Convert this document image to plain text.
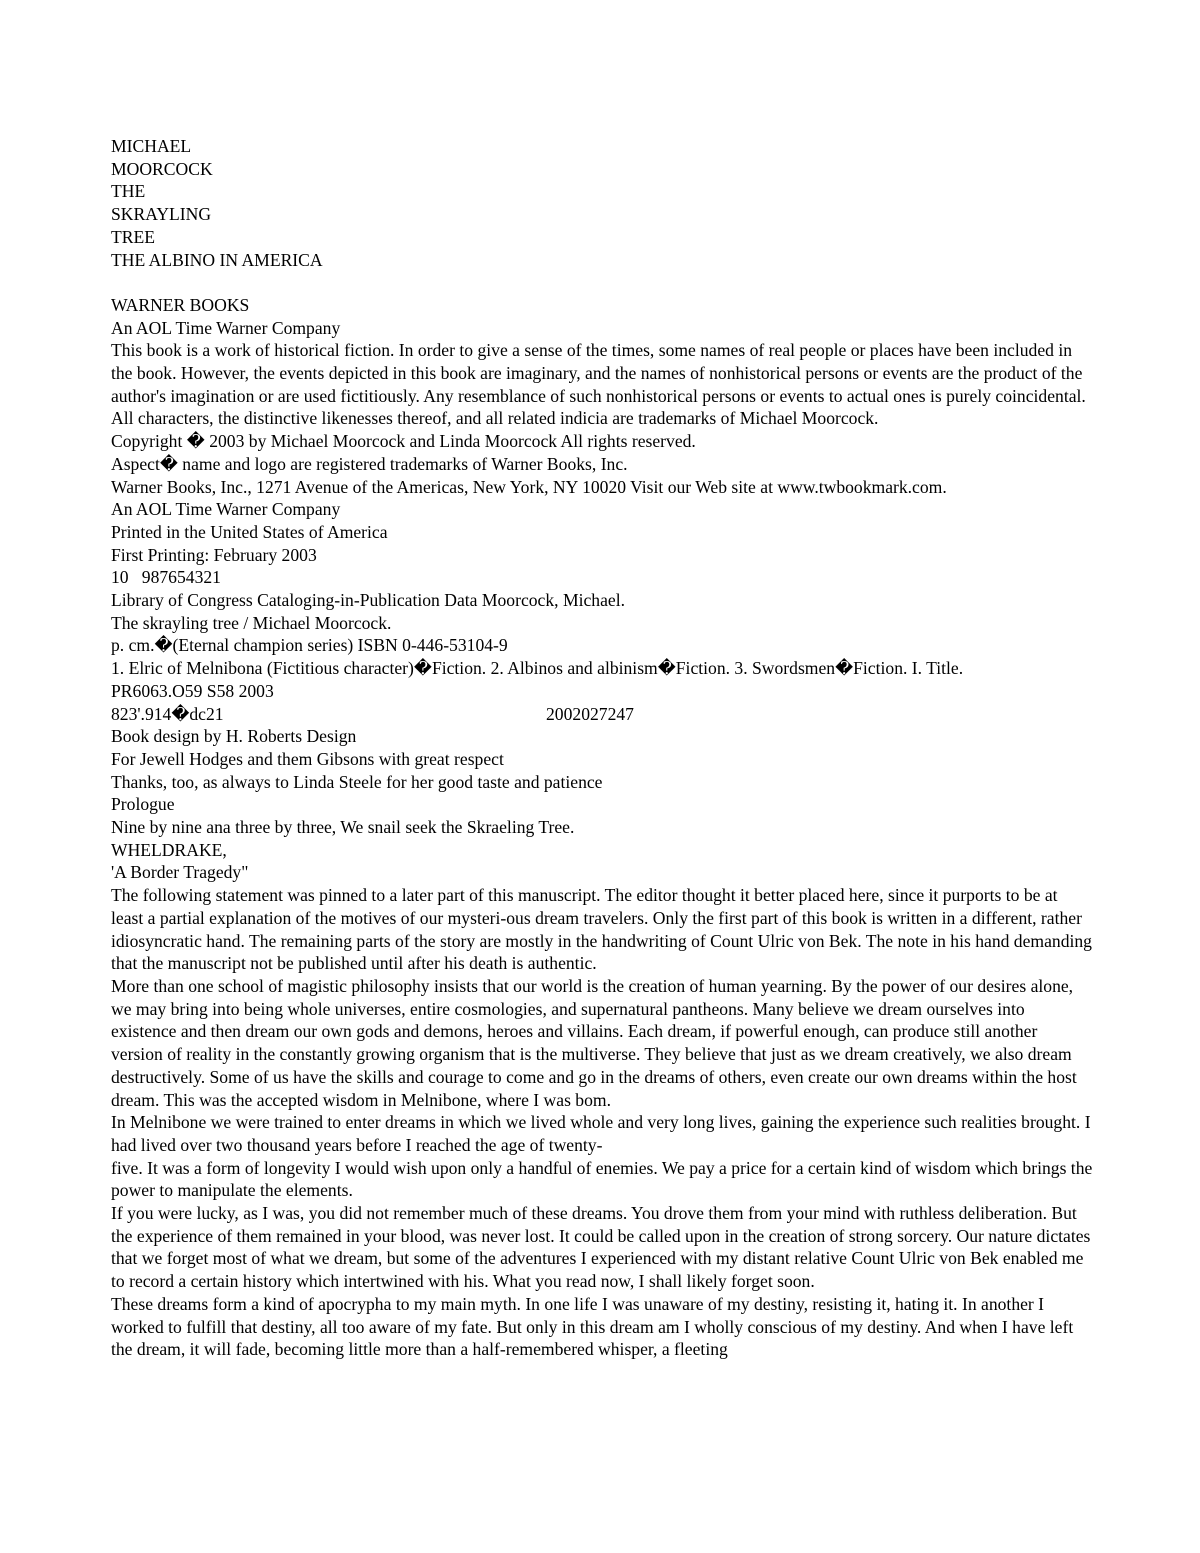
MICHAEL
MOORCOCK
THE
SKRAYLING
TREE
THE ALBINO IN AMERICA
WARNER BOOKS
An AOL Time Warner Company
This book is a work of historical fiction. In order to give a sense of the times, some names of real people or places have been included in the book. However, the events depicted in this book are imaginary, and the names of nonhistorical persons or events are the product of the author's imagination or are used fictitiously. Any resemblance of such nonhistorical persons or events to actual ones is purely coincidental.
All characters, the distinctive likenesses thereof, and all related indicia are trademarks of Michael Moorcock.
Copyright � 2003 by Michael Moorcock and Linda Moorcock All rights reserved.
Aspect� name and logo are registered trademarks of Warner Books, Inc.
Warner Books, Inc., 1271 Avenue of the Americas, New York, NY 10020 Visit our Web site at www.twbookmark.com.
An AOL Time Warner Company
Printed in the United States of America
First Printing: February 2003
10   987654321
Library of Congress Cataloging-in-Publication Data Moorcock, Michael.
The skrayling tree / Michael Moorcock.
p. cm.�(Eternal champion series) ISBN 0-446-53104-9
1. Elric of Melnibona (Fictitious character)�Fiction. 2. Albinos and albinism�Fiction. 3. Swordsmen�Fiction. I. Title.
PR6063.O59 S58 2003
823'.914�dc21	2002027247
Book design by H. Roberts Design
For Jewell Hodges and them Gibsons with great respect
Thanks, too, as always to Linda Steele for her good taste and patience
Prologue
Nine by nine ana three by three, We snail seek the Skraeling Tree.
WHELDRAKE,
'A Border Tragedy"
The following statement was pinned to a later part of this manuscript. The editor thought it better placed here, since it purports to be at least a partial explanation of the motives of our mysteri-ous dream travelers. Only the first part of this book is written in a different, rather idiosyncratic hand. The remaining parts of the story are mostly in the handwriting of Count Ulric von Bek. The note in his hand demanding that the manuscript not be published until after his death is authentic.
More than one school of magistic philosophy insists that our world is the creation of human yearning. By the power of our desires alone, we may bring into being whole universes, entire cosmologies, and supernatural pantheons. Many believe we dream ourselves into existence and then dream our own gods and demons, heroes and villains. Each dream, if powerful enough, can produce still another version of reality in the constantly growing organism that is the multiverse. They believe that just as we dream creatively, we also dream destructively. Some of us have the skills and courage to come and go in the dreams of others, even create our own dreams within the host dream. This was the accepted wisdom in Melnibone, where I was bom.
In Melnibone we were trained to enter dreams in which we lived whole and very long lives, gaining the experience such realities brought. I had lived over two thousand years before I reached the age of twenty-
five. It was a form of longevity I would wish upon only a handful of enemies. We pay a price for a certain kind of wisdom which brings the power to manipulate the elements.
If you were lucky, as I was, you did not remember much of these dreams. You drove them from your mind with ruthless deliberation. But the experience of them remained in your blood, was never lost. It could be called upon in the creation of strong sorcery. Our nature dictates that we forget most of what we dream, but some of the adventures I experienced with my distant relative Count Ulric von Bek enabled me to record a certain history which intertwined with his. What you read now, I shall likely forget soon.
These dreams form a kind of apocrypha to my main myth. In one life I was unaware of my destiny, resisting it, hating it. In another I worked to fulfill that destiny, all too aware of my fate. But only in this dream am I wholly conscious of my destiny. And when I have left the dream, it will fade, becoming little more than a half-remembered whisper, a fleeting
